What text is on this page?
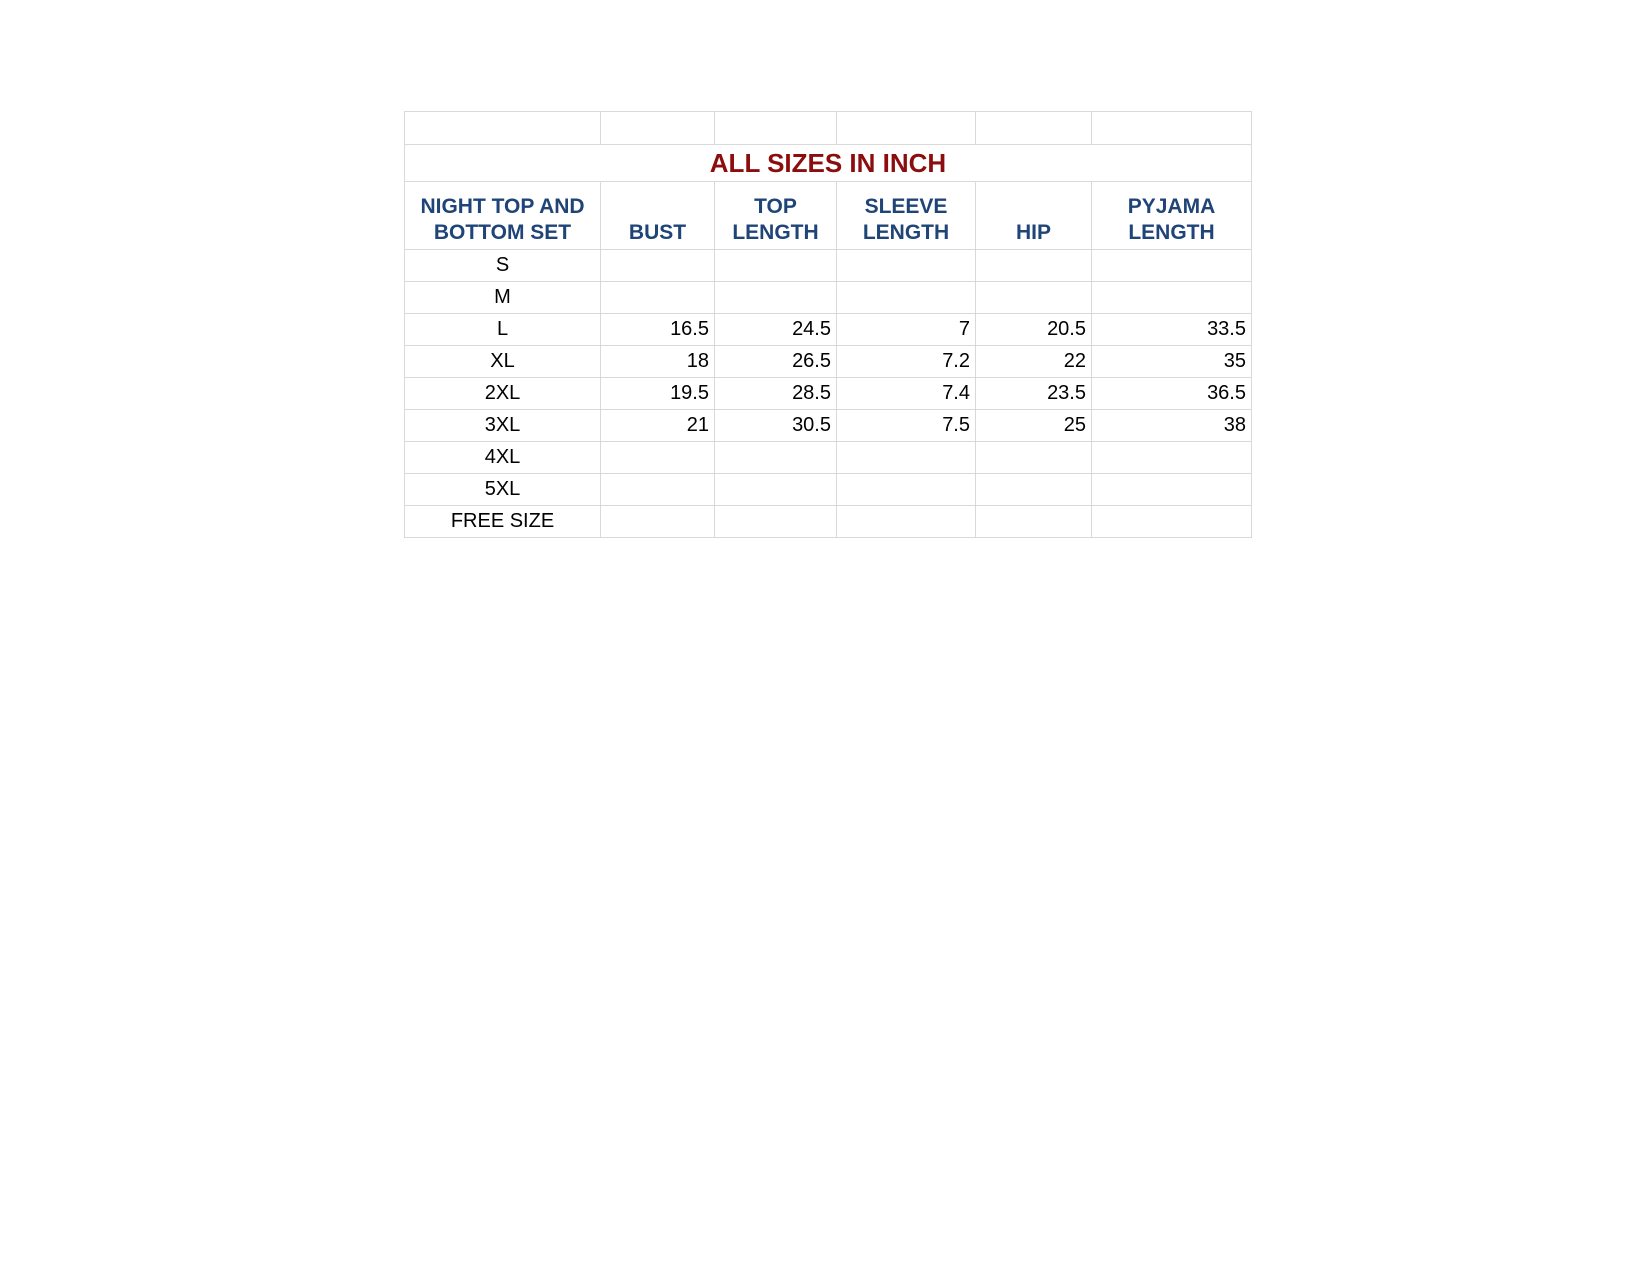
ALL SIZES IN INCH					
NIGHT TOP AND BOTTOM SET	BUST	TOP LENGTH	SLEEVE LENGTH	HIP	PYJAMA LENGTH
S					
M					
L	16.5	24.5	7	20.5	33.5
XL	18	26.5	7.2	22	35
2XL	19.5	28.5	7.4	23.5	36.5
3XL	21	30.5	7.5	25	38
4XL					
5XL					
FREE SIZE					
